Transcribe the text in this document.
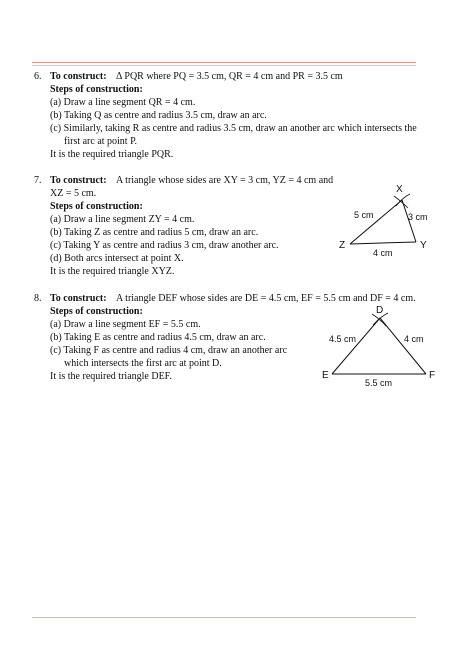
6. To construct: Δ PQR where PQ = 3.5 cm, QR = 4 cm and PR = 3.5 cm
Steps of construction:
(a) Draw a line segment QR = 4 cm.
(b) Taking Q as centre and radius 3.5 cm, draw an arc.
(c) Similarly, taking R as centre and radius 3.5 cm, draw an another arc which intersects the
first arc at point P.
It is the required triangle PQR.
7. To construct: A triangle whose sides are XY = 3 cm, YZ = 4 cm and
XZ = 5 cm.
Steps of construction:
(a) Draw a line segment ZY = 4 cm.
(b) Taking Z as centre and radius 5 cm, draw an arc.
(c) Taking Y as centre and radius 3 cm, draw another arc.
(d) Both arcs intersect at point X.
It is the required triangle XYZ.
X
Y
Z
5 cm	3 cm
4 cm
8. To construct: A triangle DEF whose sides are DE = 4.5 cm, EF = 5.5 cm and DF = 4 cm.
Steps of construction:
(a) Draw a line segment EF = 5.5 cm.
(b) Taking E as centre and radius 4.5 cm, draw an arc.
(c) Taking F as centre and radius 4 cm, draw an another arc
which intersects the first arc at point D.
It is the required triangle DEF.
D
E	F
4.5 cm	4 cm
5.5 cm
